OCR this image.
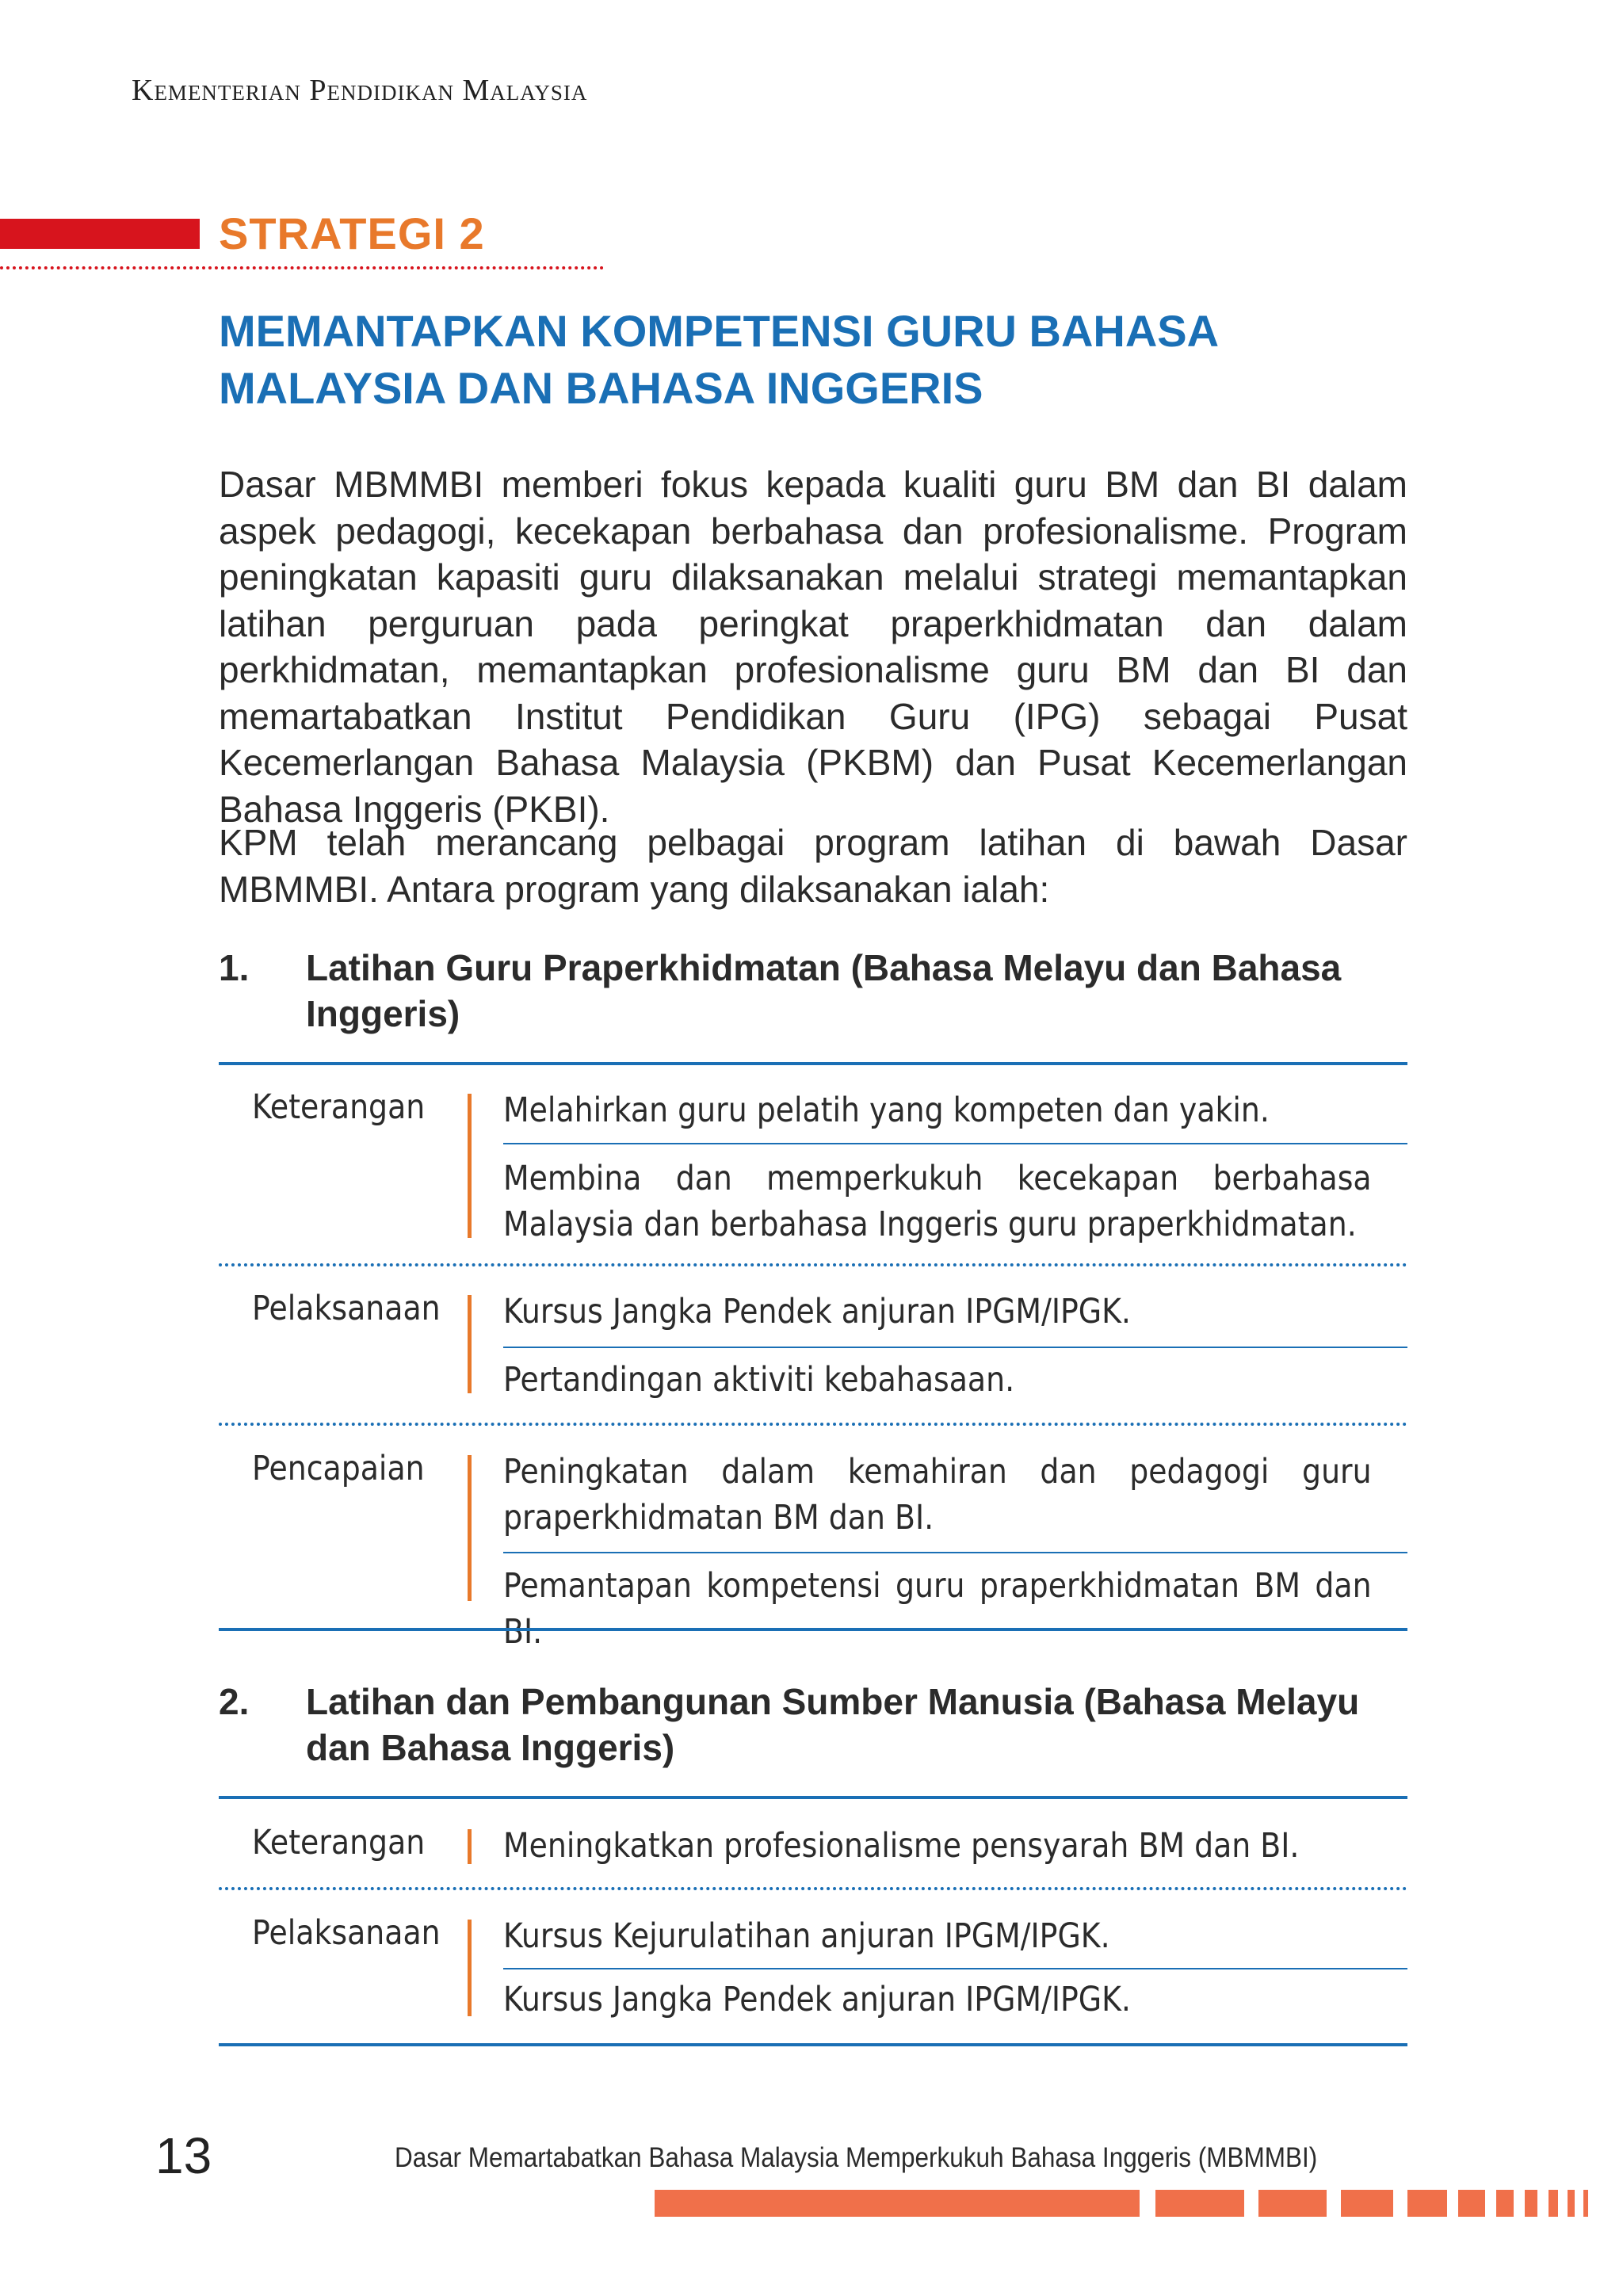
Kementerian Pendidikan Malaysia
STRATEGI 2
MEMANTAPKAN KOMPETENSI GURU BAHASA MALAYSIA DAN BAHASA INGGERIS

Dasar MBMMBI memberi fokus kepada kualiti guru BM dan BI dalam aspek pedagogi, kecekapan berbahasa dan profesionalisme. Program peningkatan kapasiti guru dilaksanakan melalui strategi memantapkan latihan perguruan pada peringkat praperkhidmatan dan dalam perkhidmatan, memantapkan profesionalisme guru BM dan BI dan memartabatkan Institut Pendidikan Guru (IPG) sebagai Pusat Kecemerlangan Bahasa Malaysia (PKBM) dan Pusat Kecemerlangan Bahasa Inggeris (PKBI).

KPM telah merancang pelbagai program latihan di bawah Dasar MBMMBI. Antara program yang dilaksanakan ialah:

1.	Latihan Guru Praperkhidmatan (Bahasa Melayu dan Bahasa Inggeris)
Keterangan Melahirkan guru pelatih yang kompeten dan yakin.
Membina dan memperkukuh kecekapan berbahasa Malaysia dan berbahasa Inggeris guru praperkhidmatan.
Pelaksanaan Kursus Jangka Pendek anjuran IPGM/IPGK.
Pertandingan aktiviti kebahasaan.
Pencapaian Peningkatan dalam kemahiran dan pedagogi guru praperkhidmatan BM dan BI.
Pemantapan kompetensi guru praperkhidmatan BM dan BI.
2.	Latihan dan Pembangunan Sumber Manusia (Bahasa Melayu dan Bahasa Inggeris)
Keterangan Meningkatkan profesionalisme pensyarah BM dan BI.
Pelaksanaan Kursus Kejurulatihan anjuran IPGM/IPGK.
Kursus Jangka Pendek anjuran IPGM/IPGK.
13	Dasar Memartabatkan Bahasa Malaysia Memperkukuh Bahasa Inggeris (MBMMBI)
